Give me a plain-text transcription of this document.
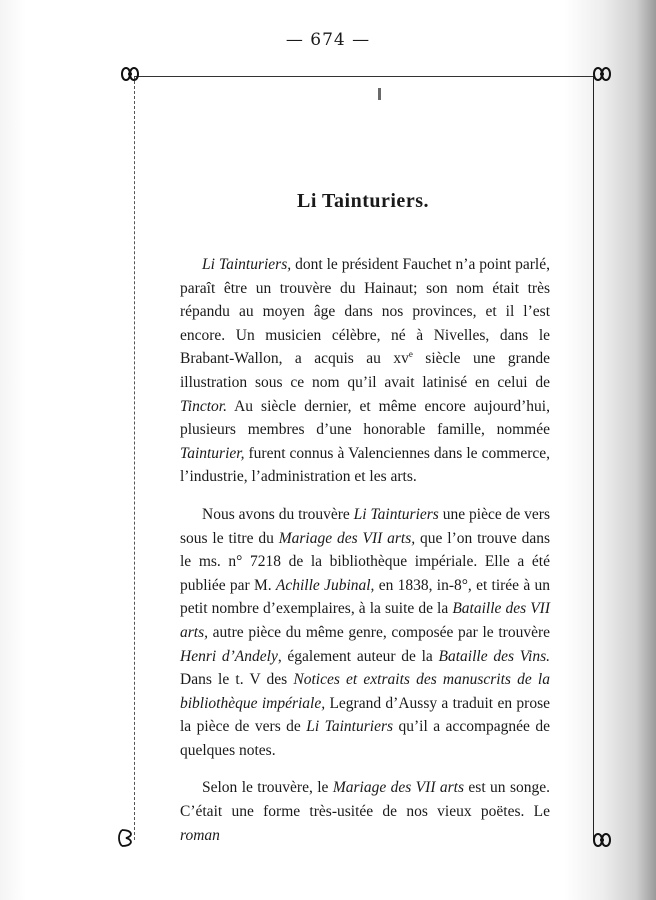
— 674 —
Li Tainturiers.

Li Tainturiers, dont le président Fauchet n’a point parlé, paraît être un trouvère du Hainaut; son nom était très répandu au moyen âge dans nos provinces, et il l’est encore. Un musicien célèbre, né à Nivelles, dans le Brabant-Wallon, a acquis au $xv^e$ siècle une grande illustration sous ce nom qu’il avait latinisé en celui de Tinctor. Au siècle dernier, et même encore aujourd’hui, plusieurs membres d’une honorable famille, nommée Tainturier, furent connus à Valenciennes dans le commerce, l’industrie, l’administration et les arts.

Nous avons du trouvère Li Tainturiers une pièce de vers sous le titre du Mariage des VII arts, que l’on trouve dans le ms. n° 7218 de la bibliothèque impériale. Elle a été publiée par M. Achille Jubinal, en 1838, in-8°, et tirée à un petit nombre d’exemplaires, à la suite de la Bataille des VII arts, autre pièce du même genre, composée par le trouvère Henri d’Andely, également auteur de la Bataille des Vins. Dans le t. V des Notices et extraits des manuscrits de la bibliothèque impériale, Legrand d’Aussy a traduit en prose la pièce de vers de Li Tainturiers qu’il a accompagnée de quelques notes.

Selon le trouvère, le Mariage des VII arts est un songe. C’était une forme très-usitée de nos vieux poëtes. Le roman
